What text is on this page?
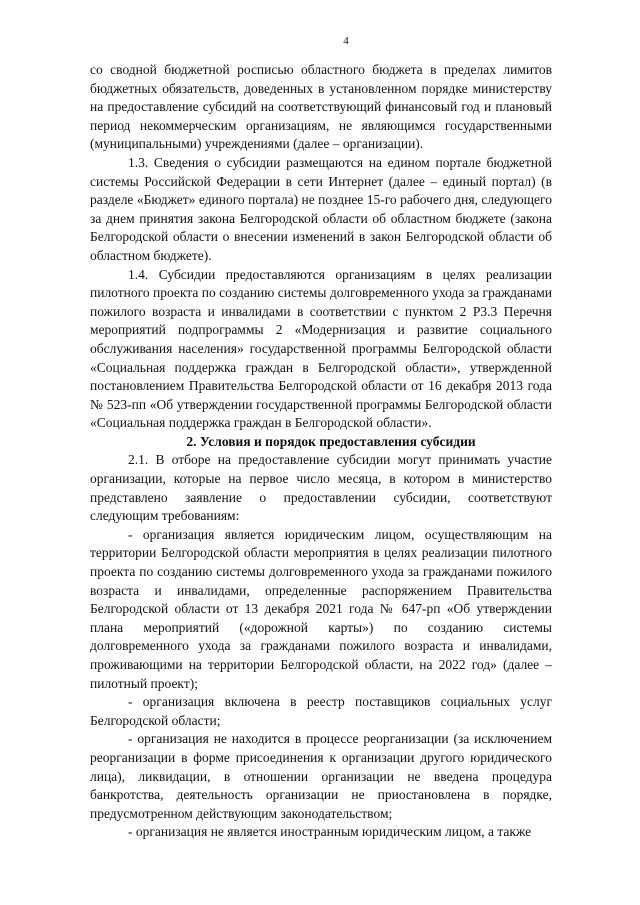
4

со сводной бюджетной росписью областного бюджета в пределах лимитов бюджетных обязательств, доведенных в установленном порядке министерству на предоставление субсидий на соответствующий финансовый год и плановый период некоммерческим организациям, не являющимся государственными (муниципальными) учреждениями (далее – организации).

1.3. Сведения о субсидии размещаются на едином портале бюджетной системы Российской Федерации в сети Интернет (далее – единый портал) (в разделе «Бюджет» единого портала) не позднее 15-го рабочего дня, следующего за днем принятия закона Белгородской области об областном бюджете (закона Белгородской области о внесении изменений в закон Белгородской области об областном бюджете).

1.4. Субсидии предоставляются организациям в целях реализации пилотного проекта по созданию системы долговременного ухода за гражданами пожилого возраста и инвалидами в соответствии с пунктом 2 Р3.3 Перечня мероприятий подпрограммы 2 «Модернизация и развитие социального обслуживания населения» государственной программы Белгородской области «Социальная поддержка граждан в Белгородской области», утвержденной постановлением Правительства Белгородской области от 16 декабря 2013 года № 523-пп «Об утверждении государственной программы Белгородской области «Социальная поддержка граждан в Белгородской области».

2. Условия и порядок предоставления субсидии

2.1. В отборе на предоставление субсидии могут принимать участие организации, которые на первое число месяца, в котором в министерство представлено заявление о предоставлении субсидии, соответствуют следующим требованиям:

- организация является юридическим лицом, осуществляющим на территории Белгородской области мероприятия в целях реализации пилотного проекта по созданию системы долговременного ухода за гражданами пожилого возраста и инвалидами, определенные распоряжением Правительства Белгородской области от 13 декабря 2021 года № 647-рп «Об утверждении плана мероприятий («дорожной карты») по созданию системы долговременного ухода за гражданами пожилого возраста и инвалидами, проживающими на территории Белгородской области, на 2022 год» (далее – пилотный проект);

- организация включена в реестр поставщиков социальных услуг Белгородской области;

- организация не находится в процессе реорганизации (за исключением реорганизации в форме присоединения к организации другого юридического лица), ликвидации, в отношении организации не введена процедура банкротства, деятельность организации не приостановлена в порядке, предусмотренном действующим законодательством;

- организация не является иностранным юридическим лицом, а также
